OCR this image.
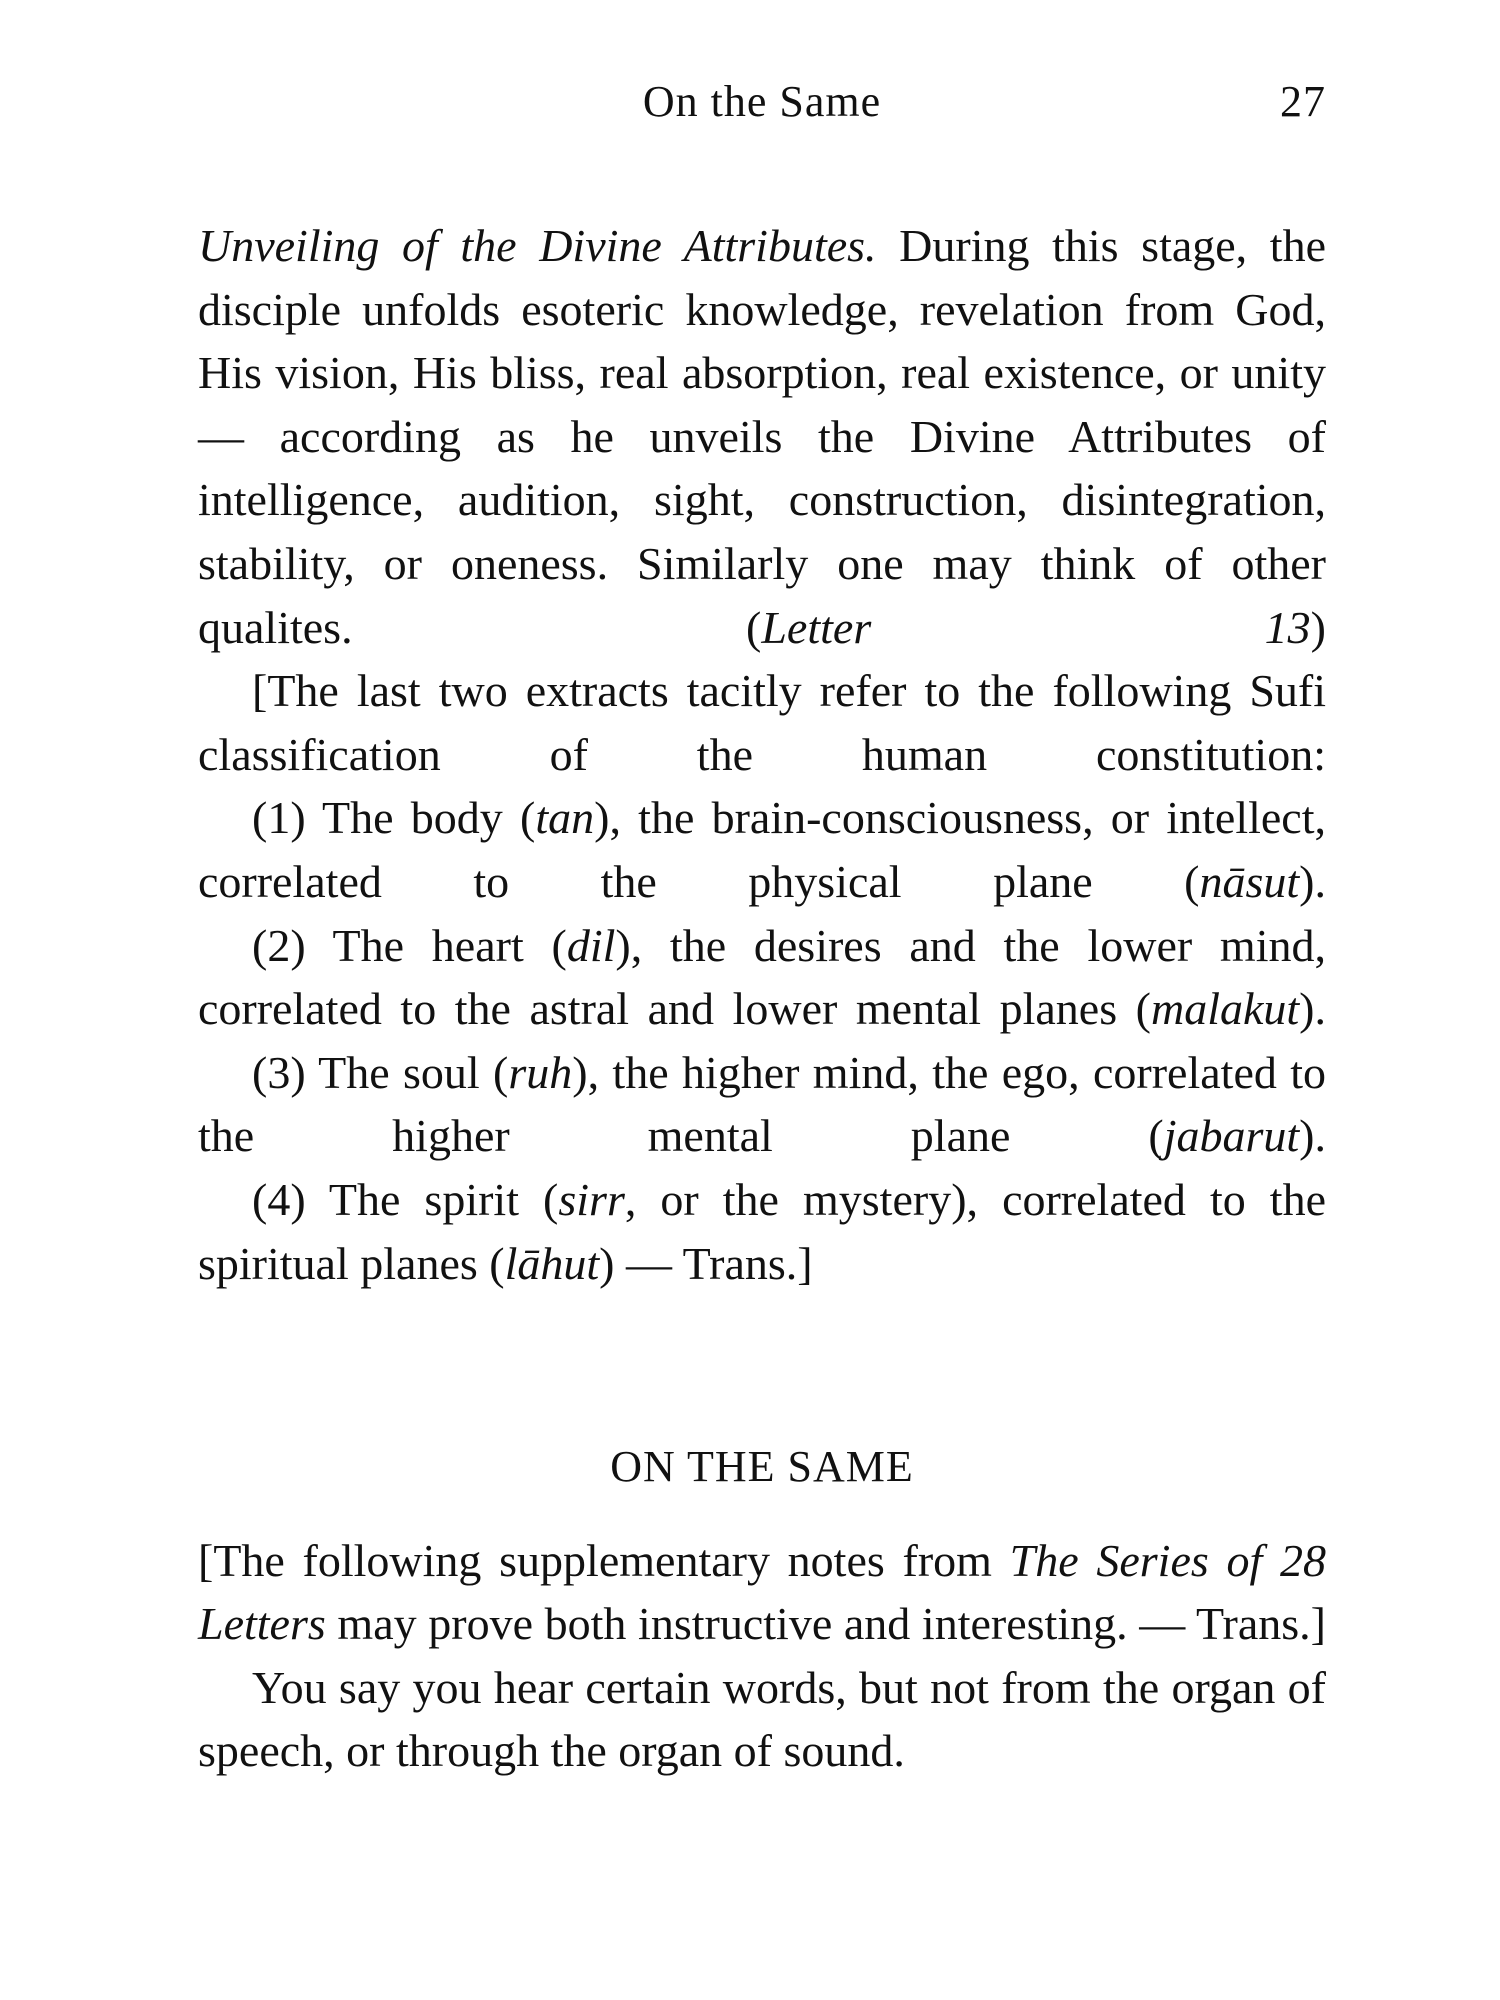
On the Same	27

Unveiling of the Divine Attributes. During this stage, the disciple unfolds esoteric knowledge, revelation from God, His vision, His bliss, real absorption, real existence, or unity — according as he unveils the Divine Attributes of intelligence, audition, sight, construction, disintegration, stability, or oneness. Similarly one may think of other qualites. (Letter 13)

[The last two extracts tacitly refer to the following Sufi classification of the human constitution:

(1) The body (tan), the brain-consciousness, or intellect, correlated to the physical plane (nāsut).

(2) The heart (dil), the desires and the lower mind, correlated to the astral and lower mental planes (malakut).

(3) The soul (ruh), the higher mind, the ego, correlated to the higher mental plane (jabarut).

(4) The spirit (sirr, or the mystery), correlated to the spiritual planes (lāhut) — Trans.]

ON THE SAME

[The following supplementary notes from The Series of 28 Letters may prove both instructive and interesting. — Trans.]

You say you hear certain words, but not from the organ of speech, or through the organ of sound.
